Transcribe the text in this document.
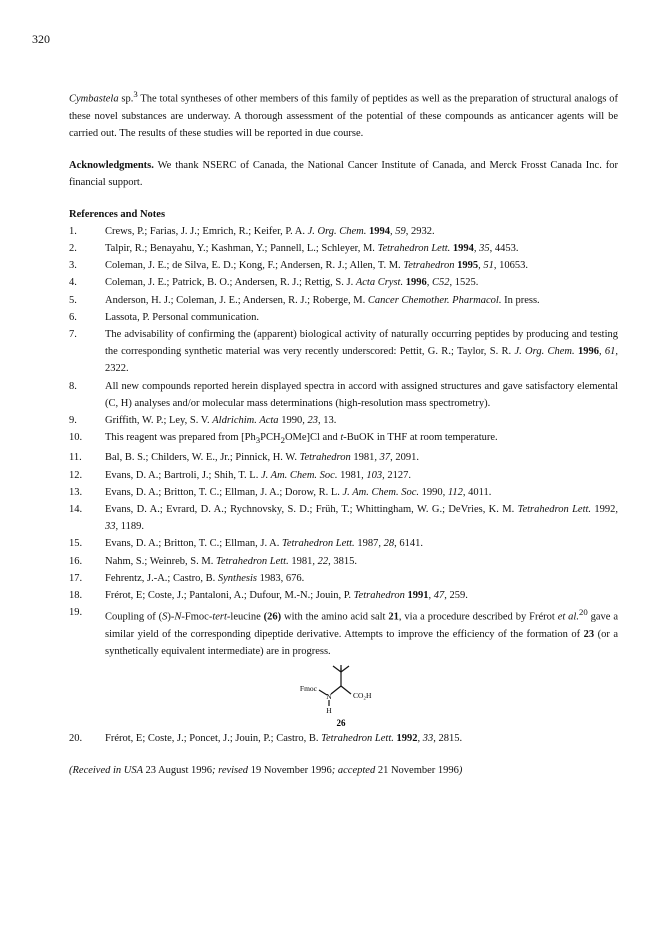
320

Cymbastela sp.$^3$ The total syntheses of other members of this family of peptides as well as the preparation of structural analogs of these novel substances are underway. A thorough assessment of the potential of these compounds as anticancer agents will be carried out. The results of these studies will be reported in due course.

Acknowledgments. We thank NSERC of Canada, the National Cancer Institute of Canada, and Merck Frosst Canada Inc. for financial support.

References and Notes
1.	Crews, P.; Farias, J. J.; Emrich, R.; Keifer, P. A. J. Org. Chem. 1994, 59, 2932.
2.	Talpir, R.; Benayahu, Y.; Kashman, Y.; Pannell, L.; Schleyer, M. Tetrahedron Lett. 1994, 35, 4453.
3.	Coleman, J. E.; de Silva, E. D.; Kong, F.; Andersen, R. J.; Allen, T. M. Tetrahedron 1995, 51, 10653.
4.	Coleman, J. E.; Patrick, B. O.; Andersen, R. J.; Rettig, S. J. Acta Cryst. 1996, C52, 1525.
5.	Anderson, H. J.; Coleman, J. E.; Andersen, R. J.; Roberge, M. Cancer Chemother. Pharmacol. In press.
6.	Lassota, P. Personal communication.
7.	The advisability of confirming the (apparent) biological activity of naturally occurring peptides by producing and testing the corresponding synthetic material was very recently underscored: Pettit, G. R.; Taylor, S. R. J. Org. Chem. 1996, 61, 2322.
8.	All new compounds reported herein displayed spectra in accord with assigned structures and gave satisfactory elemental (C, H) analyses and/or molecular mass determinations (high-resolution mass spectrometry).
9.	Griffith, W. P.; Ley, S. V. Aldrichim. Acta 1990, 23, 13.
10.	This reagent was prepared from $[Ph_3PCH_2OMe]Cl$ and t-BuOK in THF at room temperature.
11.	Bal, B. S.; Childers, W. E., Jr.; Pinnick, H. W. Tetrahedron 1981, 37, 2091.
12.	Evans, D. A.; Bartroli, J.; Shih, T. L. J. Am. Chem. Soc. 1981, 103, 2127.
13.	Evans, D. A.; Britton, T. C.; Ellman, J. A.; Dorow, R. L. J. Am. Chem. Soc. 1990, 112, 4011.
14.	Evans, D. A.; Evrard, D. A.; Rychnovsky, S. D.; Früh, T.; Whittingham, W. G.; DeVries, K. M. Tetrahedron Lett. 1992, 33, 1189.
15.	Evans, D. A.; Britton, T. C.; Ellman, J. A. Tetrahedron Lett. 1987, 28, 6141.
16.	Nahm, S.; Weinreb, S. M. Tetrahedron Lett. 1981, 22, 3815.
17.	Fehrentz, J.-A.; Castro, B. Synthesis 1983, 676.
18.	Frérot, E; Coste, J.; Pantaloni, A.; Dufour, M.-N.; Jouin, P. Tetrahedron 1991, 47, 259.
19.	Coupling of (S)-N-Fmoc-tert-leucine (26) with the amino acid salt 21, via a procedure described by Frérot et al.$^{20}$ gave a similar yield of the corresponding dipeptide derivative. Attempts to improve the efficiency of the formation of 23 (or a synthetically equivalent intermediate) are in progress.
Fmoc
N
H
CO₂H
26
20.	Frérot, E; Coste, J.; Poncet, J.; Jouin, P.; Castro, B. Tetrahedron Lett. 1992, 33, 2815.
(Received in USA 23 August 1996; revised 19 November 1996; accepted 21 November 1996)
